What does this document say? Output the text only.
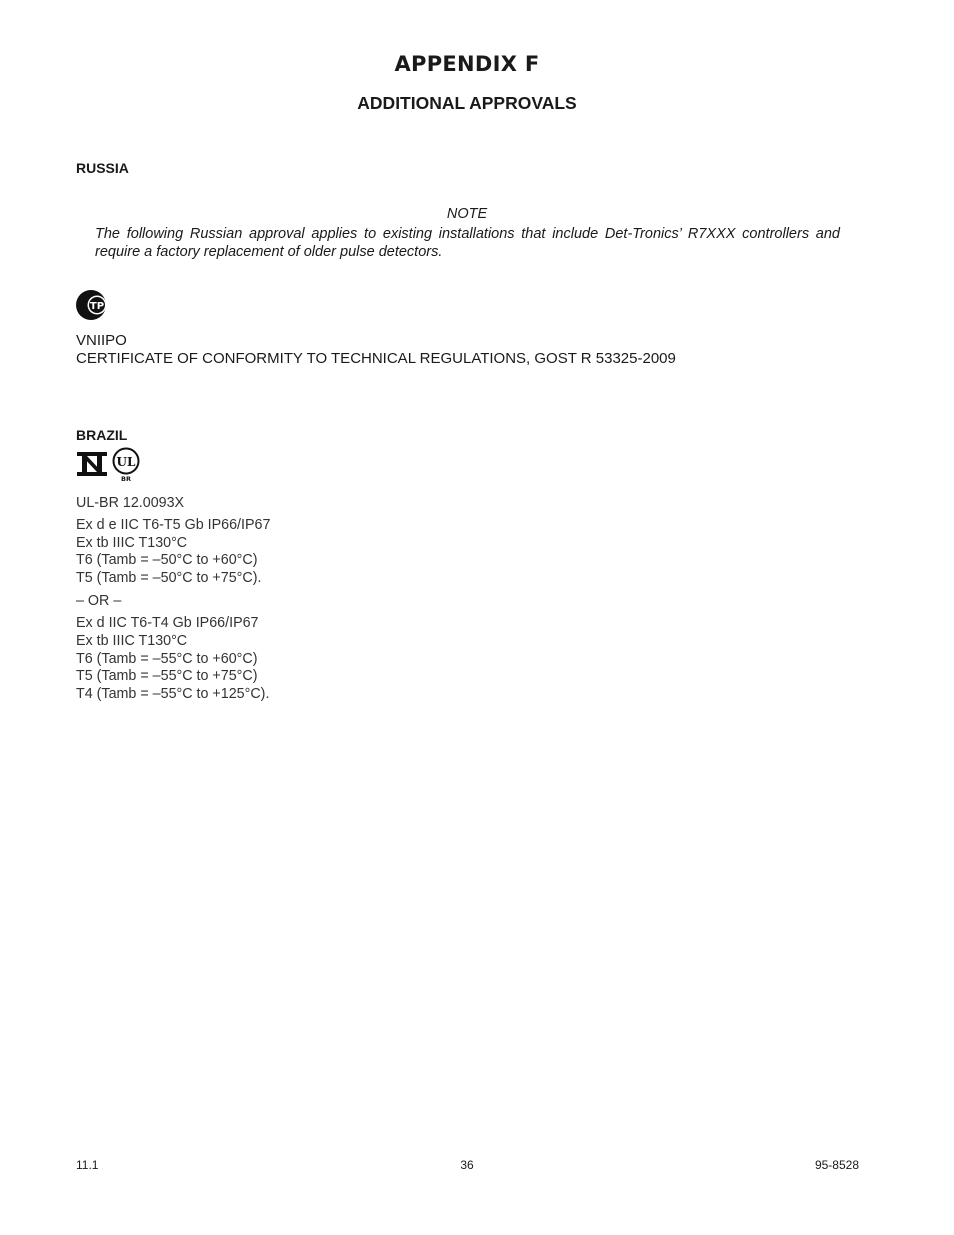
APPENDIX F
ADDITIONAL APPROVALS
RUSSIA
NOTE
The following Russian approval applies to existing installations that include Det-Tronics’ R7XXX controllers and require a factory replacement of older pulse detectors.
ТР
VNIIPO
CERTIFICATE OF CONFORMITY TO TECHNICAL REGULATIONS, GOST R 53325-2009
BRAZIL
UL
BR
UL-BR 12.0093X
Ex d e IIC T6-T5 Gb IP66/IP67
Ex tb IIIC T130°C
T6 (Tamb = –50°C to +60°C)
T5 (Tamb = –50°C to +75°C).
– OR –
Ex d IIC T6-T4 Gb IP66/IP67
Ex tb IIIC T130°C
T6 (Tamb = –55°C to +60°C)
T5 (Tamb = –55°C to +75°C)
T4 (Tamb = –55°C to +125°C).
11.1	36	95-8528
